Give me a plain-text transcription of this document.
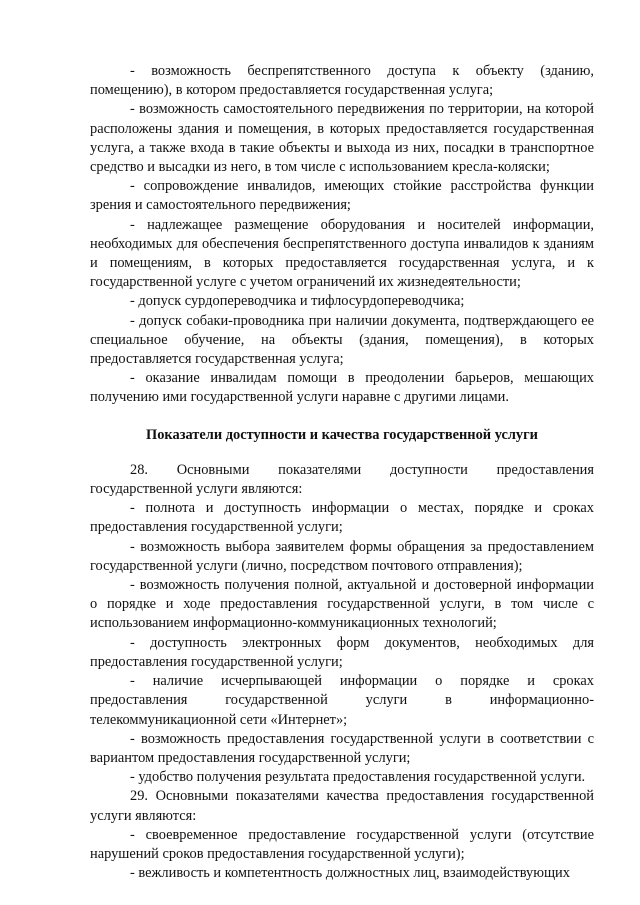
- возможность беспрепятственного доступа к объекту (зданию, помещению), в котором предоставляется государственная услуга;

- возможность самостоятельного передвижения по территории, на которой расположены здания и помещения, в которых предоставляется государственная услуга, а также входа в такие объекты и выхода из них, посадки в транспортное средство и высадки из него, в том числе с использованием кресла-коляски;

- сопровождение инвалидов, имеющих стойкие расстройства функции зрения и самостоятельного передвижения;

- надлежащее размещение оборудования и носителей информации, необходимых для обеспечения беспрепятственного доступа инвалидов к зданиям и помещениям, в которых предоставляется государственная услуга, и к государственной услуге с учетом ограничений их жизнедеятельности;

- допуск сурдопереводчика и тифлосурдопереводчика;

- допуск собаки-проводника при наличии документа, подтверждающего ее специальное обучение, на объекты (здания, помещения), в которых предоставляется государственная услуга;

- оказание инвалидам помощи в преодолении барьеров, мешающих получению ими государственной услуги наравне с другими лицами.

Показатели доступности и качества государственной услуги

28. Основными показателями доступности предоставления государственной услуги являются:

- полнота и доступность информации о местах, порядке и сроках предоставления государственной услуги;

- возможность выбора заявителем формы обращения за предоставлением государственной услуги (лично, посредством почтового отправления);

- возможность получения полной, актуальной и достоверной информации о порядке и ходе предоставления государственной услуги, в том числе с использованием информационно-коммуникационных технологий;

- доступность электронных форм документов, необходимых для предоставления государственной услуги;

- наличие исчерпывающей информации о порядке и сроках предоставления государственной услуги в информационно-телекоммуникационной сети «Интернет»;

- возможность предоставления государственной услуги в соответствии с вариантом предоставления государственной услуги;

- удобство получения результата предоставления государственной услуги.

29. Основными показателями качества предоставления государственной услуги являются:

- своевременное предоставление государственной услуги (отсутствие нарушений сроков предоставления государственной услуги);

- вежливость и компетентность должностных лиц, взаимодействующих
